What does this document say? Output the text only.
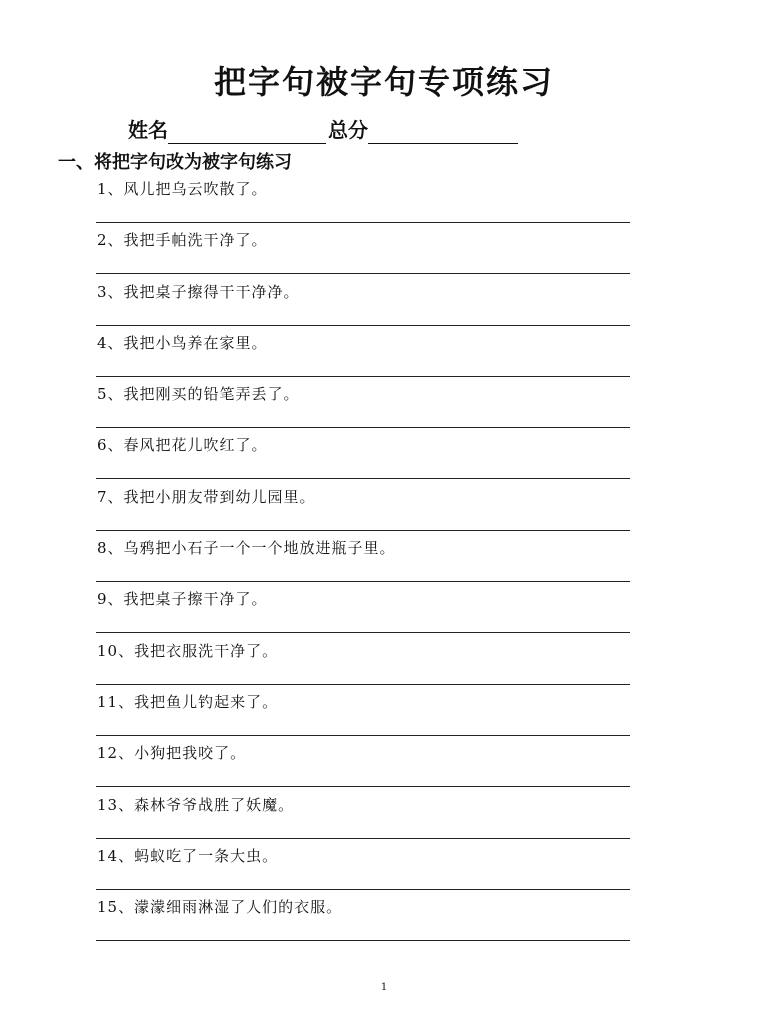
把字句被字句专项练习
姓名	总分
一、将把字句改为被字句练习
1、风儿把乌云吹散了。
2、我把手帕洗干净了。
3、我把桌子擦得干干净净。
4、我把小鸟养在家里。
5、我把刚买的铅笔弄丢了。
6、春风把花儿吹红了。
7、我把小朋友带到幼儿园里。
8、乌鸦把小石子一个一个地放进瓶子里。
9、我把桌子擦干净了。
10、我把衣服洗干净了。
11、我把鱼儿钓起来了。
12、小狗把我咬了。
13、森林爷爷战胜了妖魔。
14、蚂蚁吃了一条大虫。
15、濛濛细雨淋湿了人们的衣服。
1
